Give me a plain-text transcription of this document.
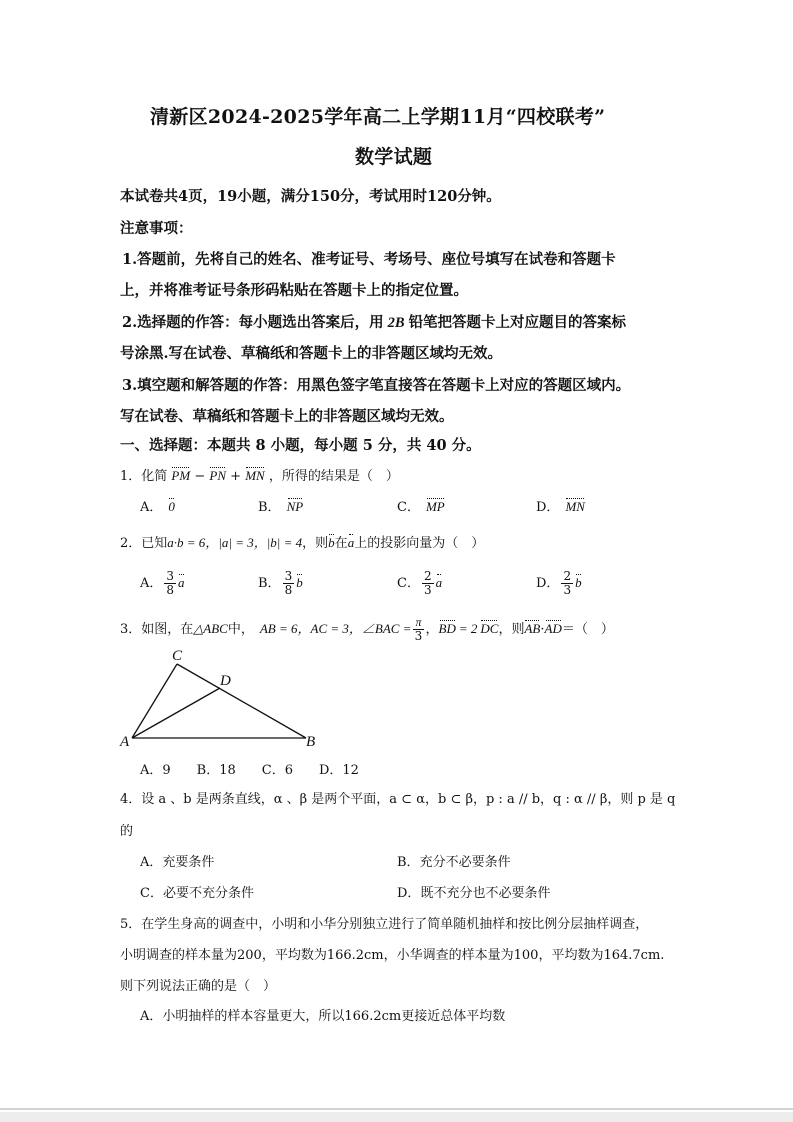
清新区2024-2025学年高二上学期11月“四校联考”
数学试题
本试卷共4页，19小题，满分150分，考试用时120分钟。
注意事项：
1.答题前，先将自己的姓名、准考证号、考场号、座位号填写在试卷和答题卡
上，并将准考证号条形码粘贴在答题卡上的指定位置。
2.选择题的作答：每小题选出答案后，用 2B 铅笔把答题卡上对应题目的答案标
号涂黑.写在试卷、草稿纸和答题卡上的非答题区域均无效。
3.填空题和解答题的作答：用黑色签字笔直接答在答题卡上对应的答题区域内。
写在试卷、草稿纸和答题卡上的非答题区域均无效。
一、选择题：本题共 8 小题，每小题 5 分，共 40 分。
1．化简 PM − PN + MN ，所得的结果是（　）
A． 0	B． NP	C． MP	D． MN
2．已知a·b = 6，|a| = 3，|b| = 4，则b在a上的投影向量为（　）
A． $\frac{3}{8}$ a	B． $\frac{3}{8}$ b	C． $\frac{2}{3}$ a	D． $\frac{2}{3}$ b
3．如图，在△ABC中， AB = 6，AC = 3，∠BAC = $\frac{\pi}{3}$ ，BD = 2 DC，则AB·AD＝（　）
C
D
A	B
A．9　　B．18　　C．6　　D．12
4．设 a 、b 是两条直线，α 、β 是两个平面，a ⊂ α，b ⊂ β，p : a // b，q : α // β，则 p 是 q
的
A．充要条件	B．充分不必要条件
C．必要不充分条件	D．既不充分也不必要条件
5．在学生身高的调查中，小明和小华分别独立进行了简单随机抽样和按比例分层抽样调查，
小明调查的样本量为200，平均数为166.2cm，小华调查的样本量为100，平均数为164.7cm.
则下列说法正确的是（　）
A．小明抽样的样本容量更大，所以166.2cm更接近总体平均数
